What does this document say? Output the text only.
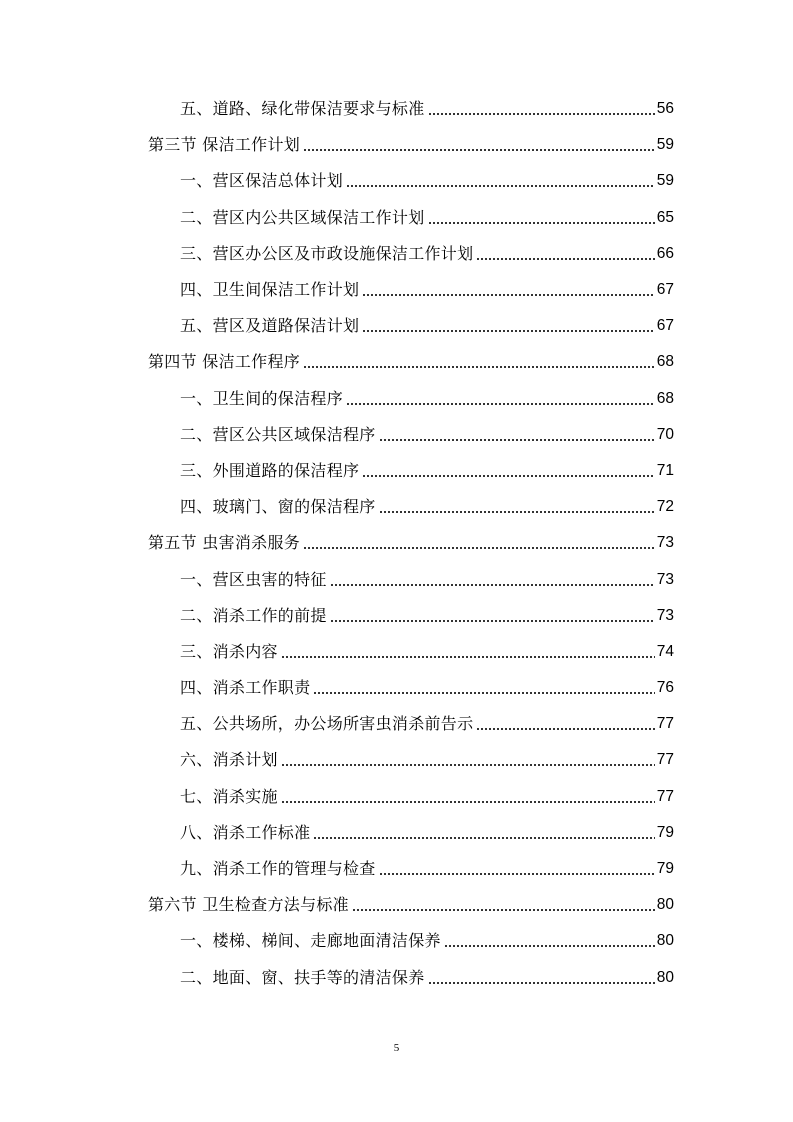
五、道路、绿化带保洁要求与标准	56
第三节 保洁工作计划	59
一、营区保洁总体计划	59
二、营区内公共区域保洁工作计划	65
三、营区办公区及市政设施保洁工作计划	66
四、卫生间保洁工作计划	67
五、营区及道路保洁计划	67
第四节 保洁工作程序	68
一、卫生间的保洁程序	68
二、营区公共区域保洁程序	70
三、外围道路的保洁程序	71
四、玻璃门、窗的保洁程序	72
第五节 虫害消杀服务	73
一、营区虫害的特征	73
二、消杀工作的前提	73
三、消杀内容	74
四、消杀工作职责	76
五、公共场所，办公场所害虫消杀前告示	77
六、消杀计划	77
七、消杀实施	77
八、消杀工作标准	79
九、消杀工作的管理与检查	79
第六节 卫生检查方法与标准	80
一、楼梯、梯间、走廊地面清洁保养	80
二、地面、窗、扶手等的清洁保养	80
5
